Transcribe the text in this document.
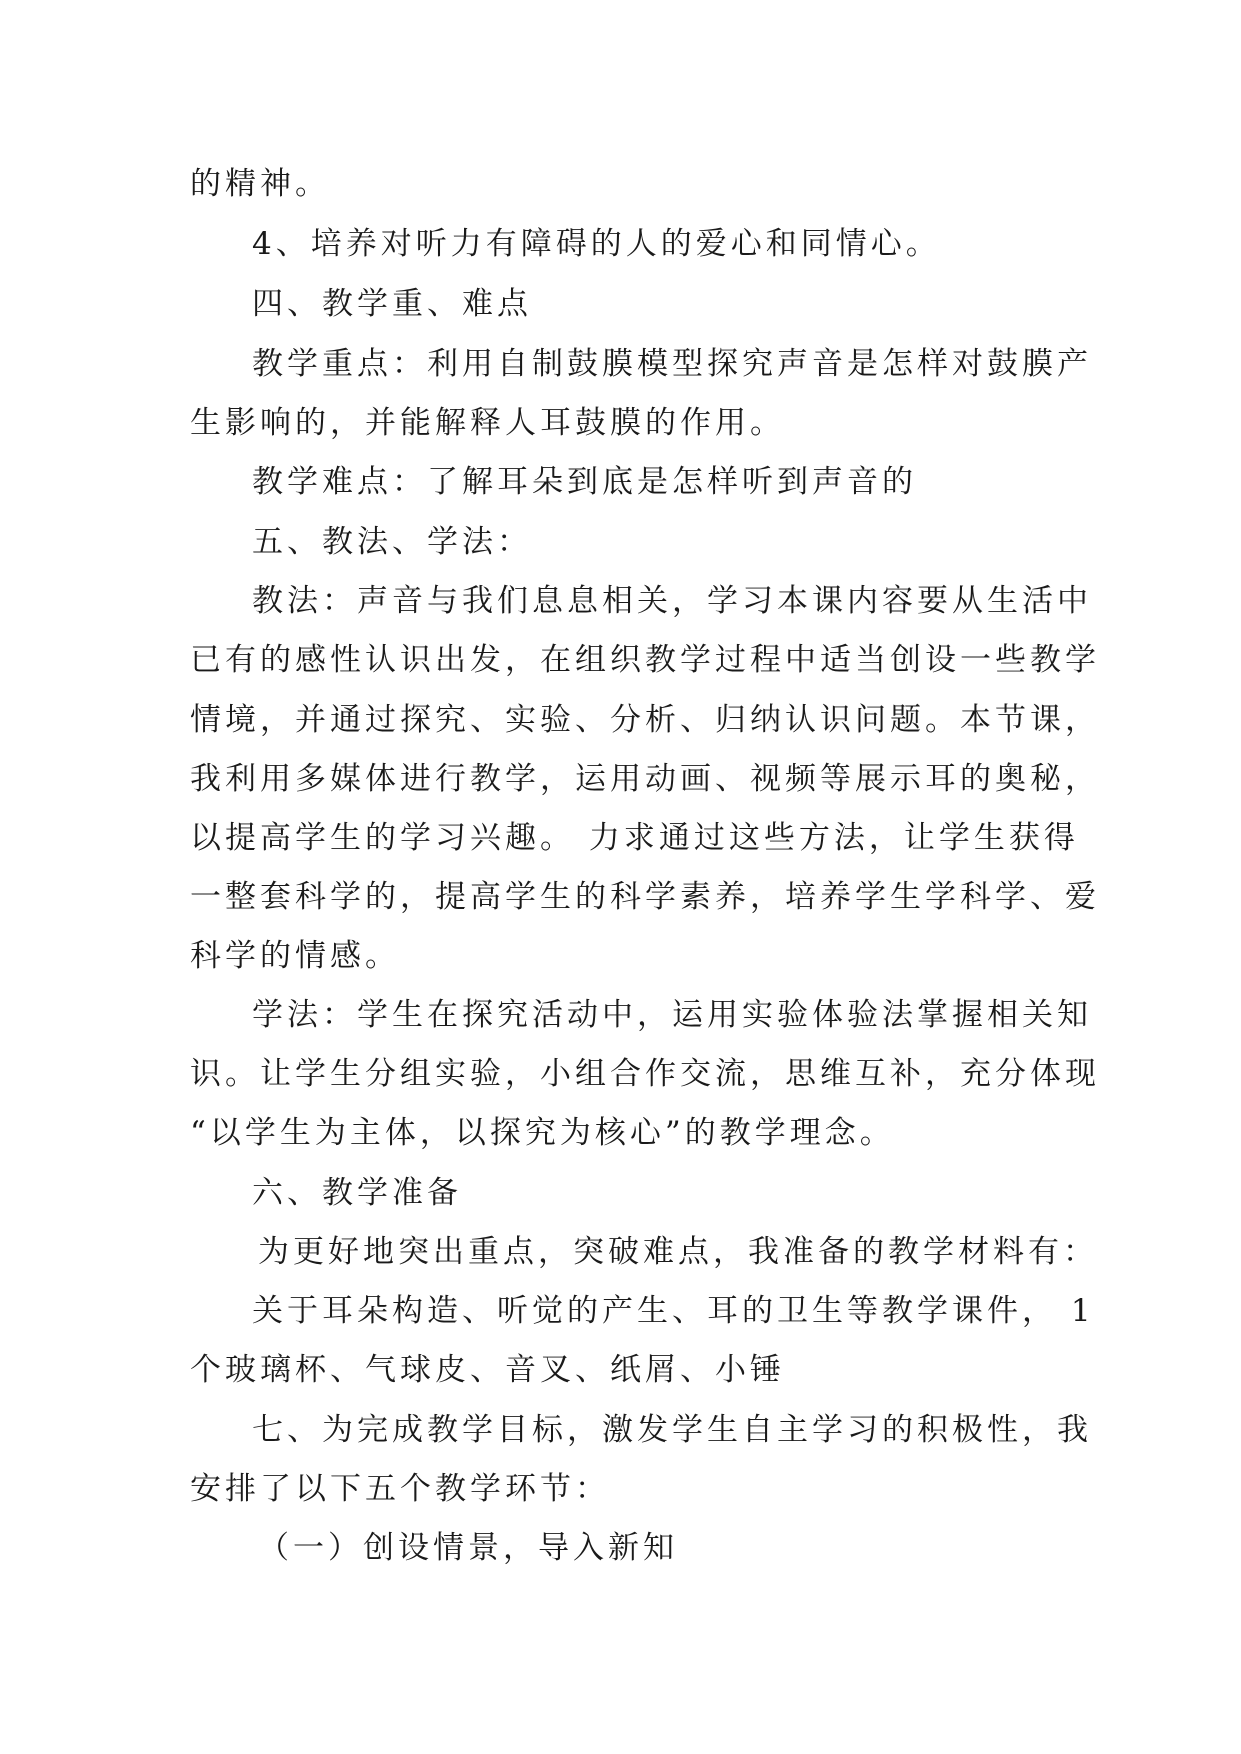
的精神。
4、培养对听力有障碍的人的爱心和同情心。
四、教学重、难点
教学重点：利用自制鼓膜模型探究声音是怎样对鼓膜产
生影响的，并能解释人耳鼓膜的作用。
教学难点：了解耳朵到底是怎样听到声音的
五、教法、学法：
教法：声音与我们息息相关，学习本课内容要从生活中
已有的感性认识出发，在组织教学过程中适当创设一些教学
情境，并通过探究、实验、分析、归纳认识问题。本节课，
我利用多媒体进行教学，运用动画、视频等展示耳的奥秘，
以提高学生的学习兴趣。 力求通过这些方法，让学生获得
一整套科学的，提高学生的科学素养，培养学生学科学、爱
科学的情感。
学法：学生在探究活动中，运用实验体验法掌握相关知
识。让学生分组实验，小组合作交流，思维互补，充分体现
“以学生为主体，以探究为核心”的教学理念。
六、教学准备
为更好地突出重点，突破难点，我准备的教学材料有：
关于耳朵构造、听觉的产生、耳的卫生等教学课件， 1
个玻璃杯、气球皮、音叉、纸屑、小锤
七、为完成教学目标，激发学生自主学习的积极性，我
安排了以下五个教学环节：
（一）创设情景，导入新知
